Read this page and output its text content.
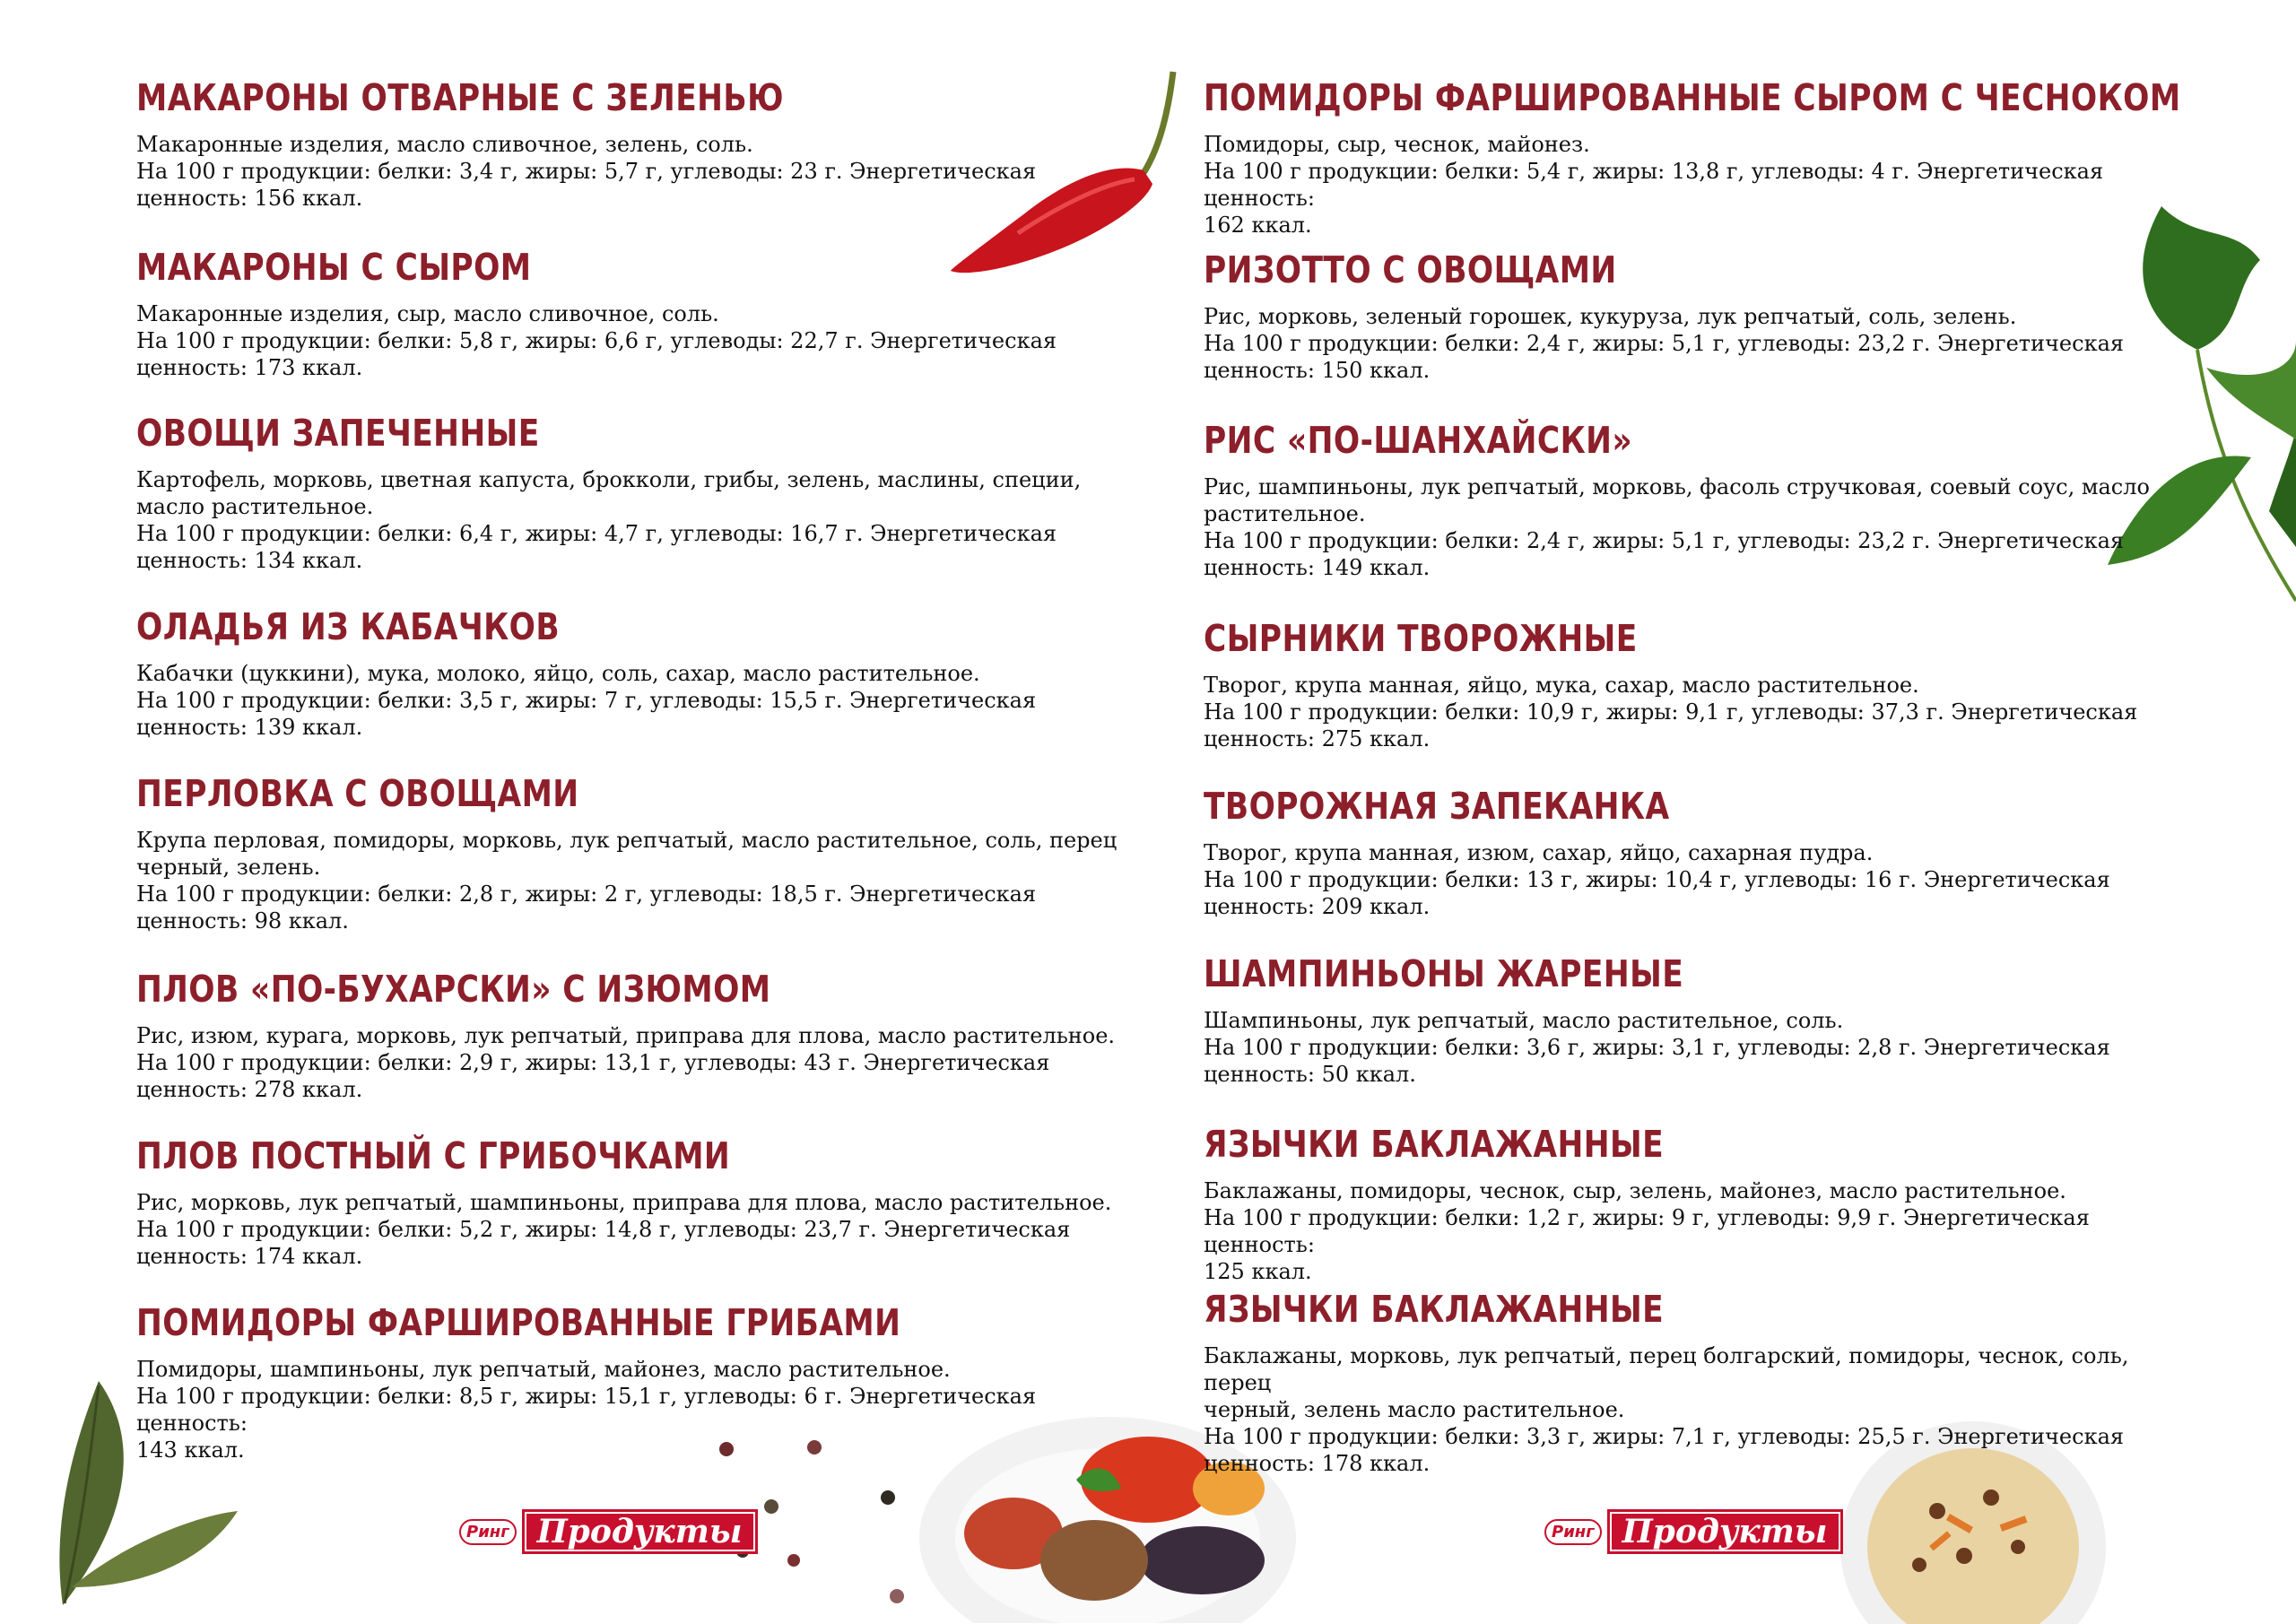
Ринг Продукты	Ринг Продукты
МАКАРОНЫ ОТВАРНЫЕ С ЗЕЛЕНЬЮ
Макаронные изделия, масло сливочное, зелень, соль.
На 100 г продукции: белки: 3,4 г, жиры: 5,7 г, углеводы: 23 г. Энергетическая
ценность: 156 ккал.
МАКАРОНЫ С СЫРОМ
Макаронные изделия, сыр, масло сливочное, соль.
На 100 г продукции: белки: 5,8 г, жиры: 6,6 г, углеводы: 22,7 г. Энергетическая
ценность: 173 ккал.
ОВОЩИ ЗАПЕЧЕННЫЕ
Картофель, морковь, цветная капуста, брокколи, грибы, зелень, маслины, специи,
масло растительное.
На 100 г продукции: белки: 6,4 г, жиры: 4,7 г, углеводы: 16,7 г. Энергетическая
ценность: 134 ккал.
ОЛАДЬЯ ИЗ КАБАЧКОВ
Кабачки (цуккини), мука, молоко, яйцо, соль, сахар, масло растительное.
На 100 г продукции: белки: 3,5 г, жиры: 7 г, углеводы: 15,5 г. Энергетическая
ценность: 139 ккал.
ПЕРЛОВКА С ОВОЩАМИ
Крупа перловая, помидоры, морковь, лук репчатый, масло растительное, соль, перец
черный, зелень.
На 100 г продукции: белки: 2,8 г, жиры: 2 г, углеводы: 18,5 г. Энергетическая
ценность: 98 ккал.
ПЛОВ «ПО-БУХАРСКИ» С ИЗЮМОМ
Рис, изюм, курага, морковь, лук репчатый, приправа для плова, масло растительное.
На 100 г продукции: белки: 2,9 г, жиры: 13,1 г, углеводы: 43 г. Энергетическая
ценность: 278 ккал.
ПЛОВ ПОСТНЫЙ С ГРИБОЧКАМИ
Рис, морковь, лук репчатый, шампиньоны, приправа для плова, масло растительное.
На 100 г продукции: белки: 5,2 г, жиры: 14,8 г, углеводы: 23,7 г. Энергетическая
ценность: 174 ккал.
ПОМИДОРЫ ФАРШИРОВАННЫЕ ГРИБАМИ
Помидоры, шампиньоны, лук репчатый, майонез, масло растительное.
На 100 г продукции: белки: 8,5 г, жиры: 15,1 г, углеводы: 6 г. Энергетическая ценность:
143 ккал.
ПОМИДОРЫ ФАРШИРОВАННЫЕ СЫРОМ С ЧЕСНОКОМ
Помидоры, сыр, чеснок, майонез.
На 100 г продукции: белки: 5,4 г, жиры: 13,8 г, углеводы: 4 г. Энергетическая ценность:
162 ккал.
РИЗОТТО С ОВОЩАМИ
Рис, морковь, зеленый горошек, кукуруза, лук репчатый, соль, зелень.
На 100 г продукции: белки: 2,4 г, жиры: 5,1 г, углеводы: 23,2 г. Энергетическая
ценность: 150 ккал.
РИС «ПО-ШАНХАЙСКИ»
Рис, шампиньоны, лук репчатый, морковь, фасоль стручковая, соевый соус, масло
растительное.
На 100 г продукции: белки: 2,4 г, жиры: 5,1 г, углеводы: 23,2 г. Энергетическая
ценность: 149 ккал.
СЫРНИКИ ТВОРОЖНЫЕ
Творог, крупа манная, яйцо, мука, сахар, масло растительное.
На 100 г продукции: белки: 10,9 г, жиры: 9,1 г, углеводы: 37,3 г. Энергетическая
ценность: 275 ккал.
ТВОРОЖНАЯ ЗАПЕКАНКА
Творог, крупа манная, изюм, сахар, яйцо, сахарная пудра.
На 100 г продукции: белки: 13 г, жиры: 10,4 г, углеводы: 16 г. Энергетическая
ценность: 209 ккал.
ШАМПИНЬОНЫ ЖАРЕНЫЕ
Шампиньоны, лук репчатый, масло растительное, соль.
На 100 г продукции: белки: 3,6 г, жиры: 3,1 г, углеводы: 2,8 г. Энергетическая
ценность: 50 ккал.
ЯЗЫЧКИ БАКЛАЖАННЫЕ
Баклажаны, помидоры, чеснок, сыр, зелень, майонез, масло растительное.
На 100 г продукции: белки: 1,2 г, жиры: 9 г, углеводы: 9,9 г. Энергетическая ценность:
125 ккал.
ЯЗЫЧКИ БАКЛАЖАННЫЕ
Баклажаны, морковь, лук репчатый, перец болгарский, помидоры, чеснок, соль, перец
черный, зелень масло растительное.
На 100 г продукции: белки: 3,3 г, жиры: 7,1 г, углеводы: 25,5 г. Энергетическая
ценность: 178 ккал.
